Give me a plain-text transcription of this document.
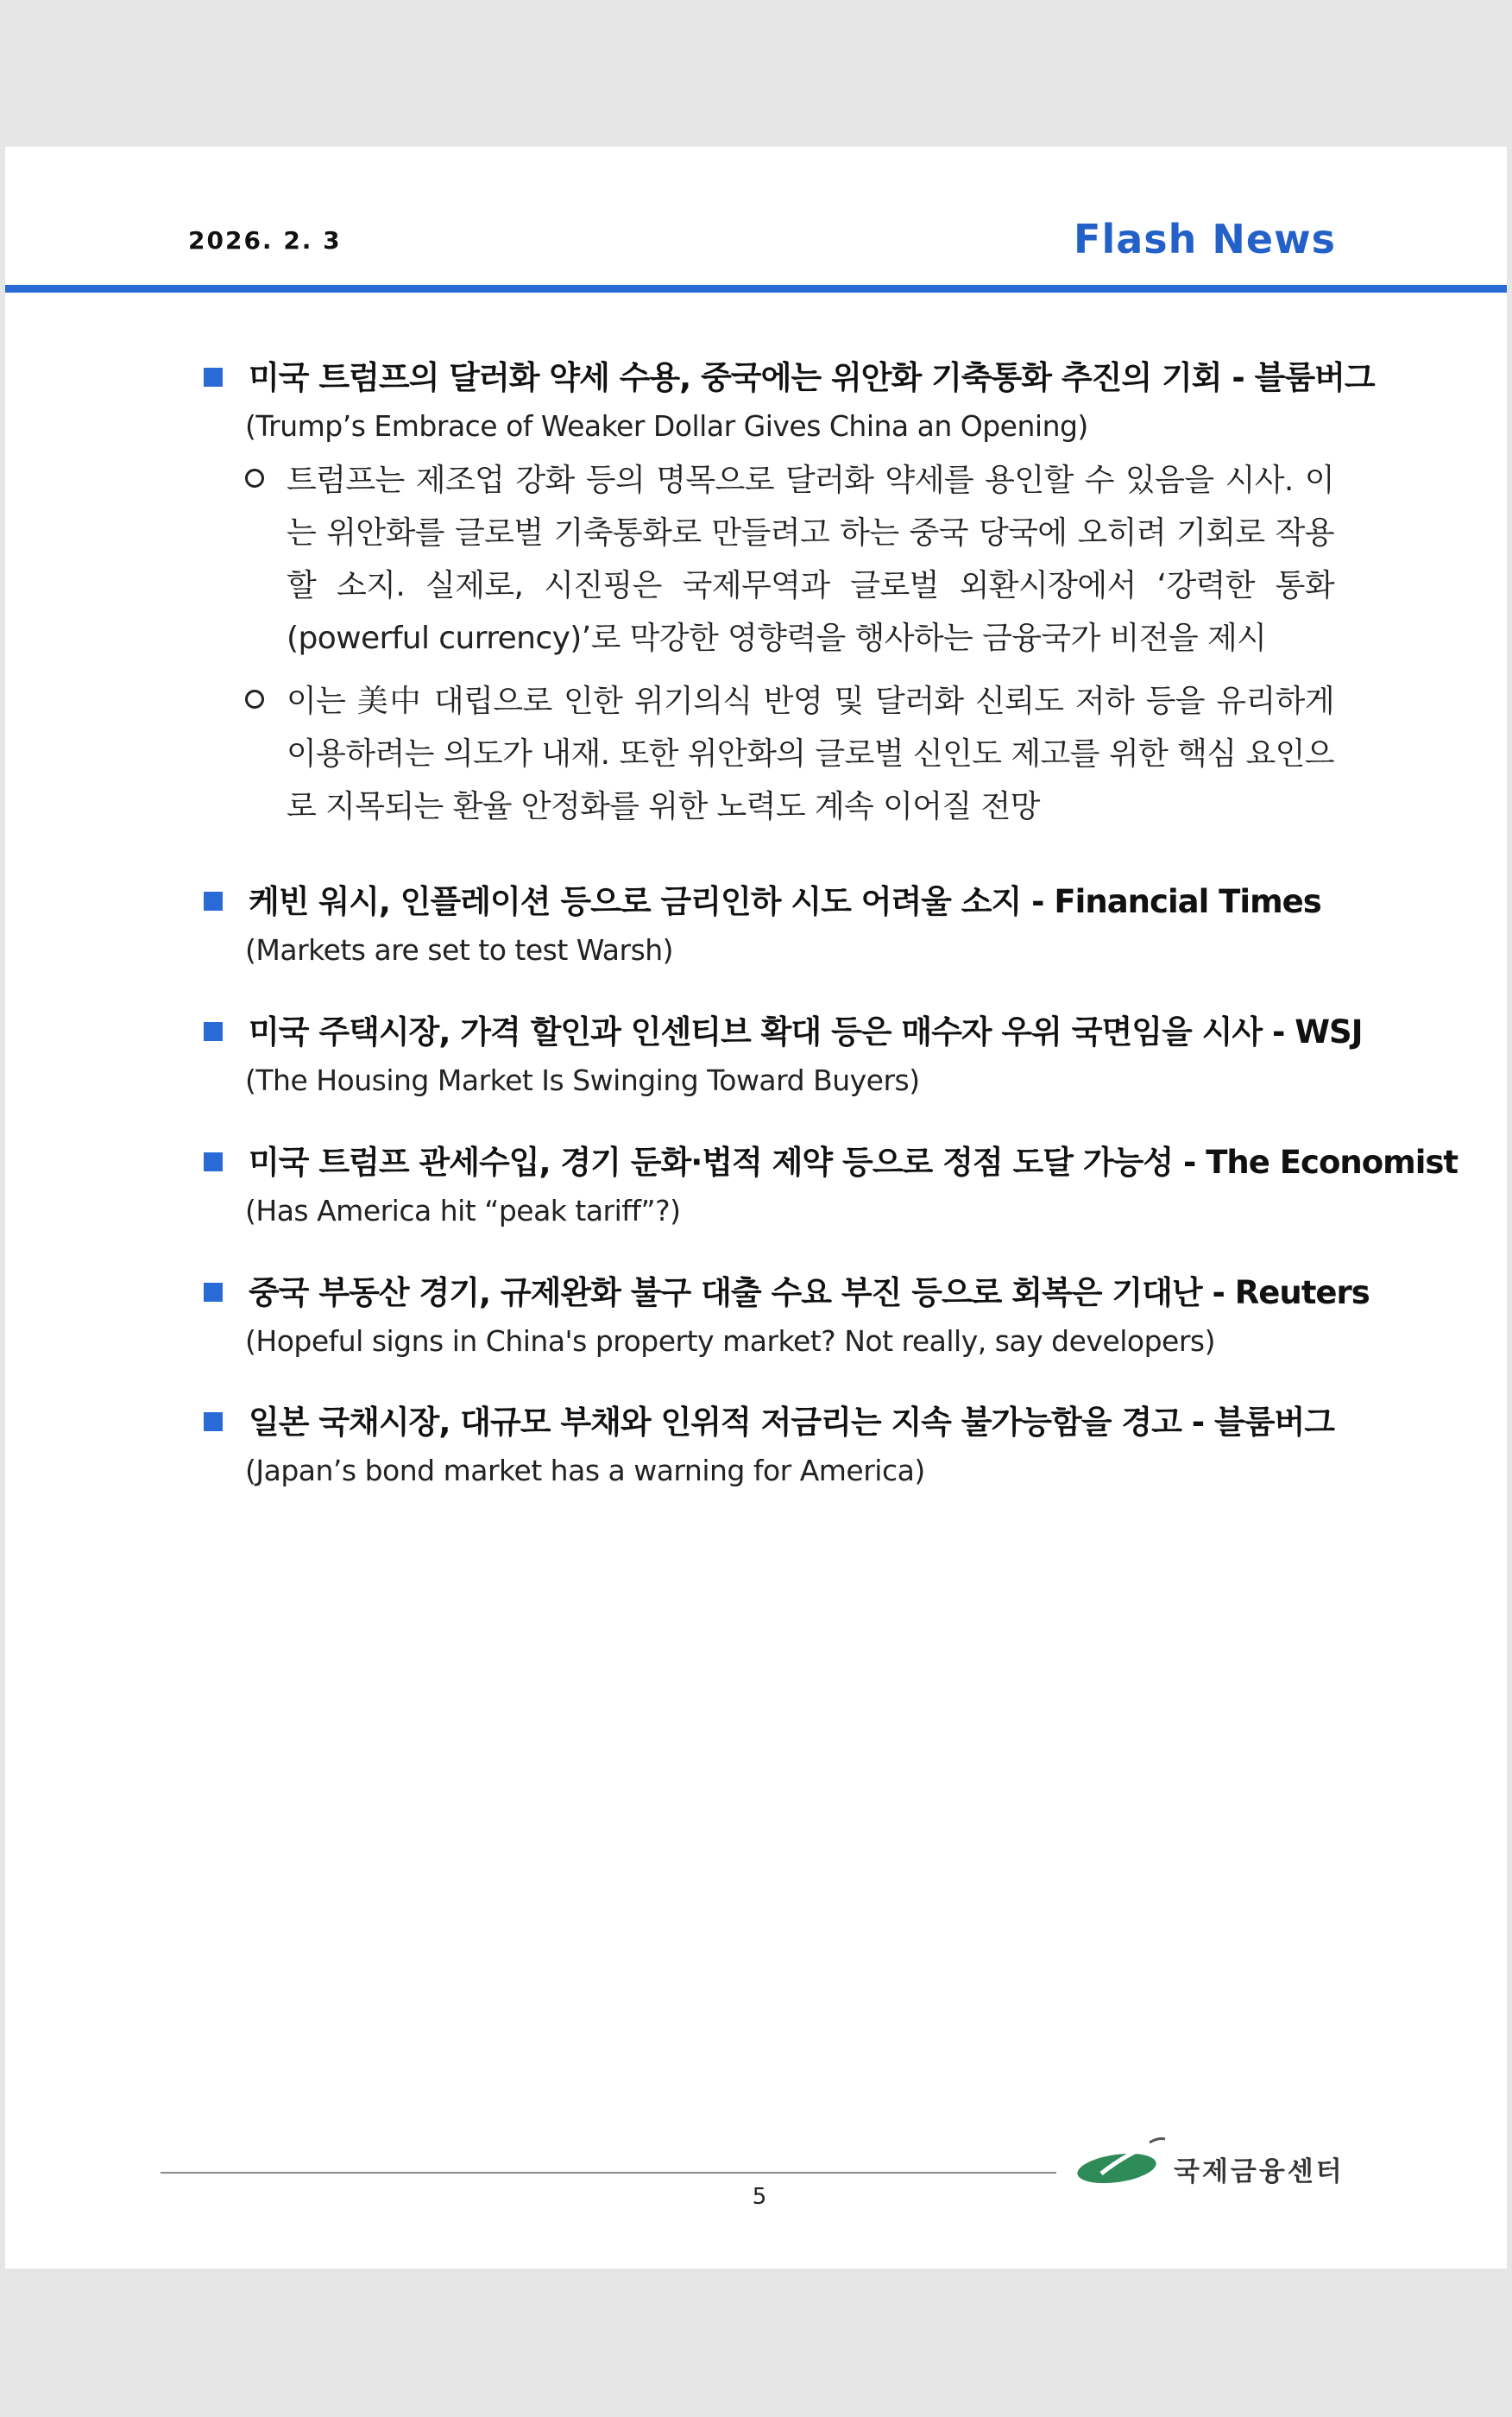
2026. 2. 3	Flash News
미국 트럼프의 달러화 약세 수용, 중국에는 위안화 기축통화 추진의 기회 - 블룸버그
(Trump’s Embrace of Weaker Dollar Gives China an Opening)
트럼프는 제조업 강화 등의 명목으로 달러화 약세를 용인할 수 있음을 시사. 이는 위안화를 글로벌 기축통화로 만들려고 하는 중국 당국에 오히려 기회로 작용할 소지. 실제로, 시진핑은 국제무역과 글로벌 외환시장에서 ‘강력한 통화(powerful currency)’로 막강한 영향력을 행사하는 금융국가 비전을 제시
이는 美中 대립으로 인한 위기의식 반영 및 달러화 신뢰도 저하 등을 유리하게 이용하려는 의도가 내재. 또한 위안화의 글로벌 신인도 제고를 위한 핵심 요인으로 지목되는 환율 안정화를 위한 노력도 계속 이어질 전망
케빈 워시, 인플레이션 등으로 금리인하 시도 어려울 소지 - Financial Times
(Markets are set to test Warsh)
미국 주택시장, 가격 할인과 인센티브 확대 등은 매수자 우위 국면임을 시사 - WSJ
(The Housing Market Is Swinging Toward Buyers)
미국 트럼프 관세수입, 경기 둔화·법적 제약 등으로 정점 도달 가능성 - The Economist
(Has America hit “peak tariff”?)
중국 부동산 경기, 규제완화 불구 대출 수요 부진 등으로 회복은 기대난 - Reuters
(Hopeful signs in China's property market? Not really, say developers)
일본 국채시장, 대규모 부채와 인위적 저금리는 지속 불가능함을 경고 - 블룸버그
(Japan’s bond market has a warning for America)
5
국제금융센터
